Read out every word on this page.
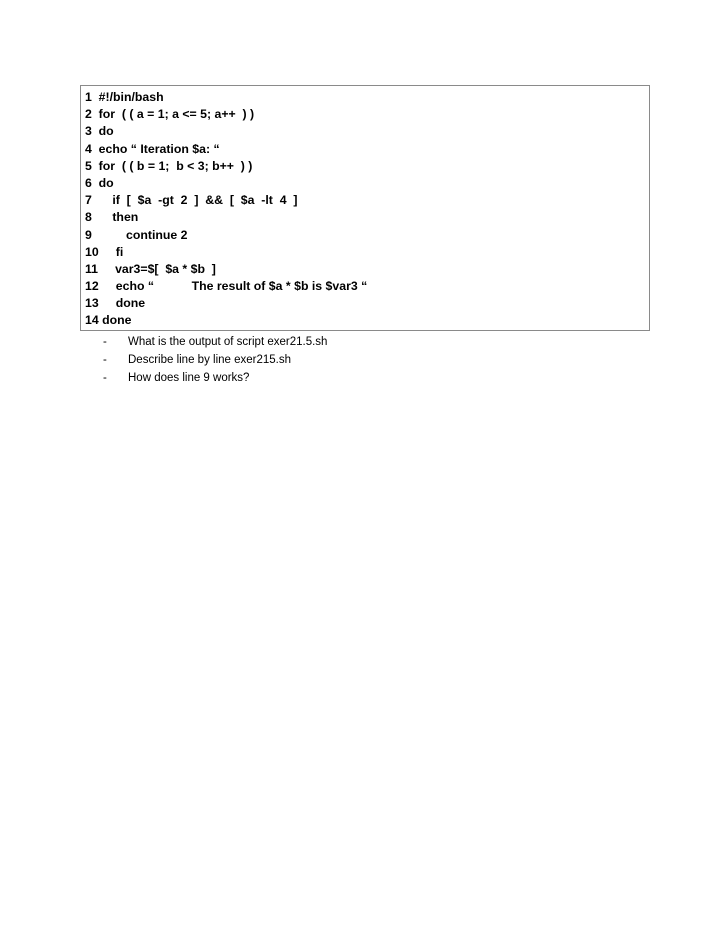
1  #!/bin/bash
2  for  ( ( a = 1; a <= 5; a++  ) )
3  do
4  echo “ Iteration $a: “
5  for  ( ( b = 1;  b < 3; b++  ) )
6  do
7      if  [  $a  -gt  2  ]  &&  [  $a  -lt  4  ]
8      then
9          continue 2
10     fi
11     var3=$[  $a * $b  ]
12     echo “           The result of $a * $b is $var3 “
13     done
14 done
-	What is the output of script exer21.5.sh
-	Describe line by line exer215.sh
-	How does line 9 works?
